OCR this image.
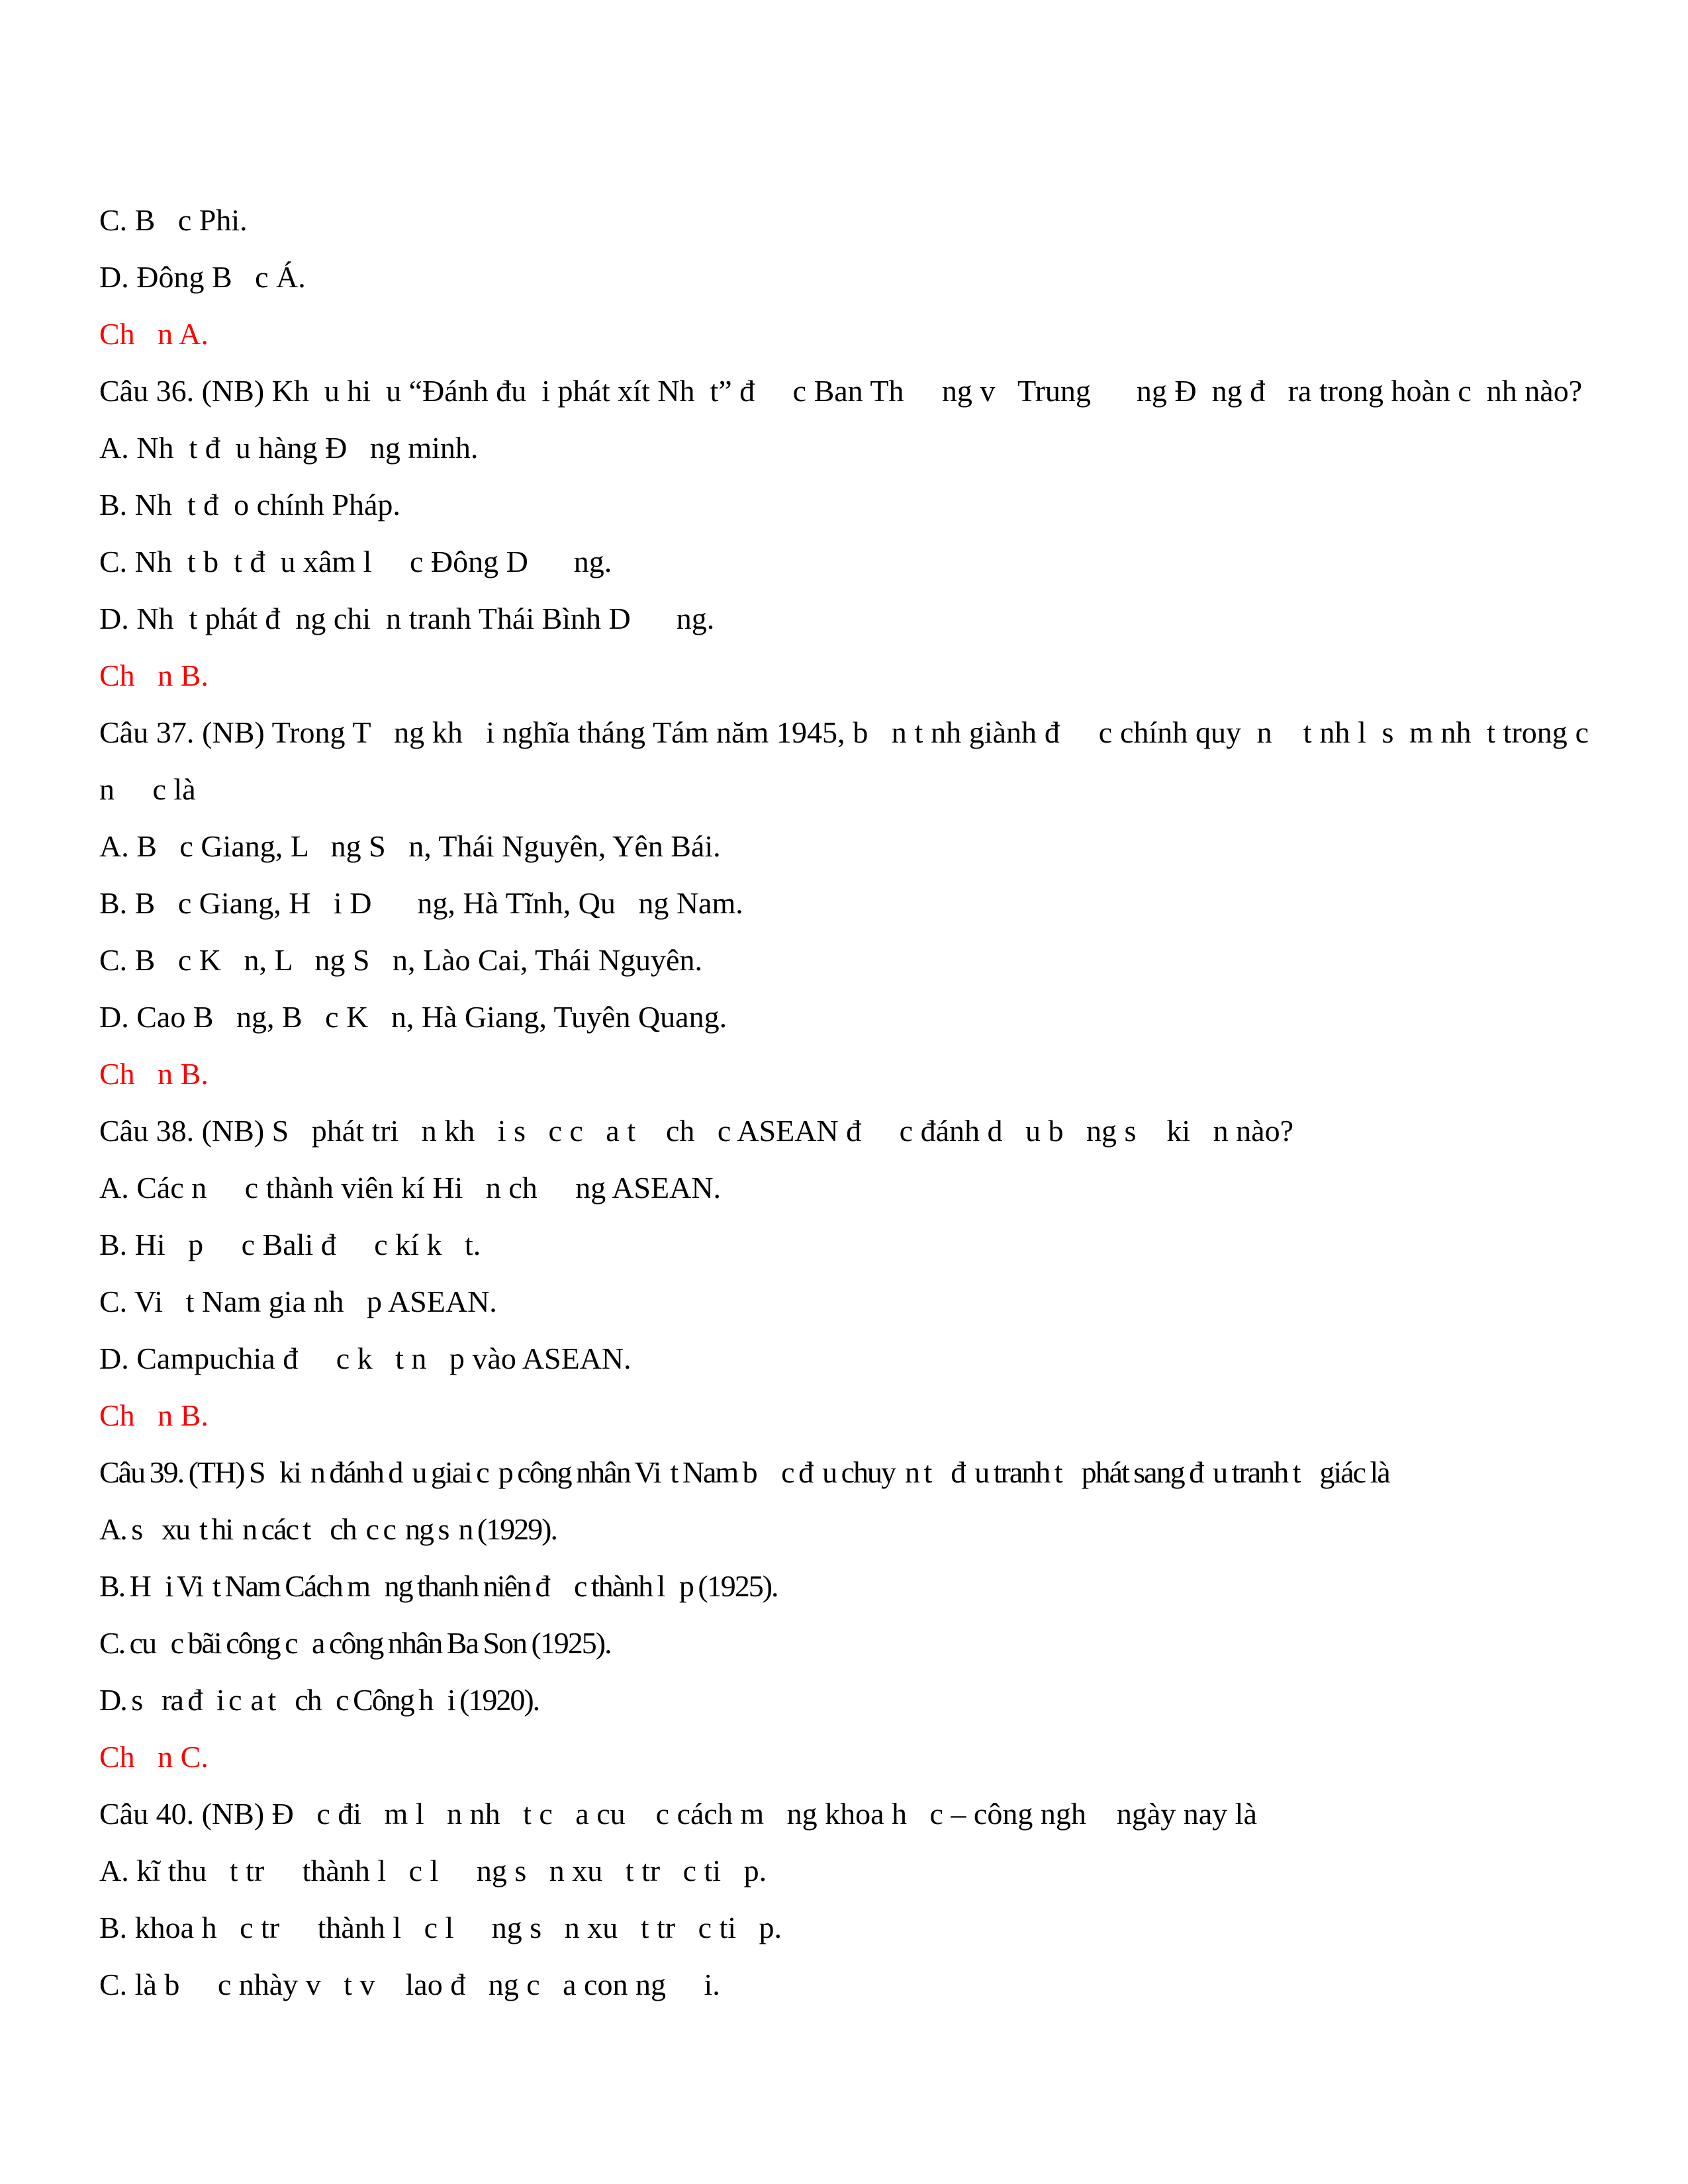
C. B   c Phi.

D. Đông B   c Á.

Ch   n A.

Câu 36. (NB) Kh  u hi  u “Đánh đu  i phát xít Nh  t” đ     c Ban Th     ng v   Trung      ng Đ  ng đ   ra trong hoàn c  nh nào?

A. Nh  t đ  u hàng Đ   ng minh.

B. Nh  t đ  o chính Pháp.

C. Nh  t b  t đ  u xâm l     c Đông D      ng.

D. Nh  t phát đ  ng chi  n tranh Thái Bình D      ng.

Ch   n B.

Câu 37. (NB) Trong T   ng kh   i nghĩa tháng Tám năm 1945, b   n t nh giành đ     c chính quy  n    t nh l  s  m nh  t trong c   n     c là

A. B   c Giang, L   ng S   n, Thái Nguyên, Yên Bái.

B. B   c Giang, H   i D      ng, Hà Tĩnh, Qu   ng Nam.

C. B   c K   n, L   ng S   n, Lào Cai, Thái Nguyên.

D. Cao B   ng, B   c K   n, Hà Giang, Tuyên Quang.

Ch   n B.

Câu 38. (NB) S   phát tri   n kh   i s   c c   a t    ch   c ASEAN đ     c đánh d   u b   ng s    ki   n nào?

A. Các n     c thành viên kí Hi   n ch     ng ASEAN.

B. Hi   p     c Bali đ     c kí k   t.

C. Vi   t Nam gia nh   p ASEAN.

D. Campuchia đ     c k   t n   p vào ASEAN.

Ch   n B.

Câu 39. (TH) S   ki  n đánh d  u giai c  p công nhân Vi  t Nam b     c đ  u chuy  n t    đ  u tranh t    phát sang đ  u tranh t    giác là

A. s    xu  t hi  n các t    ch  c c  ng s  n (1929).

B. H   i Vi  t Nam Cách m   ng thanh niên đ     c thành l   p (1925).

C. cu   c bãi công c   a công nhân Ba Son (1925).

D. s    ra đ   i c  a t    ch   c Công h   i (1920).

Ch   n C.

Câu 40. (NB) Đ   c đi   m l   n nh   t c   a cu    c cách m   ng khoa h   c – công ngh    ngày nay là

A. kĩ thu   t tr     thành l   c l     ng s   n xu   t tr   c ti   p.

B. khoa h   c tr     thành l   c l     ng s   n xu   t tr   c ti   p.

C. là b     c nhày v   t v    lao đ   ng c   a con ng     i.
